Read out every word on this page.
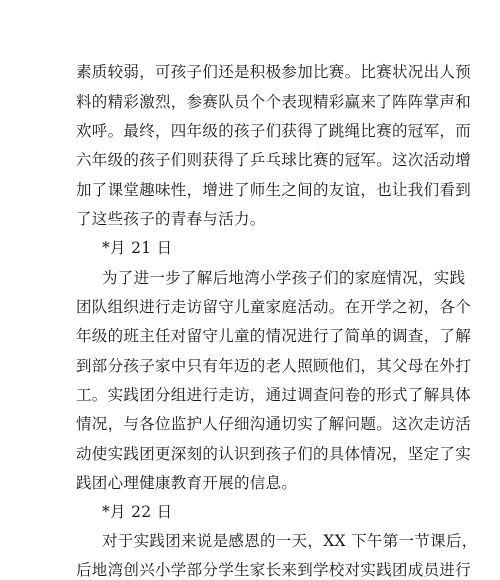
素质较弱，可孩子们还是积极参加比赛。比赛状况出人预
料的精彩激烈，参赛队员个个表现精彩赢来了阵阵掌声和
欢呼。最终，四年级的孩子们获得了跳绳比赛的冠军，而
六年级的孩子们则获得了乒乓球比赛的冠军。这次活动增
加了课堂趣味性，增进了师生之间的友谊，也让我们看到
了这些孩子的青春与活力。
*月 21 日
为了进一步了解后地湾小学孩子们的家庭情况，实践
团队组织进行走访留守儿童家庭活动。在开学之初，各个
年级的班主任对留守儿童的情况进行了简单的调查，了解
到部分孩子家中只有年迈的老人照顾他们，其父母在外打
工。实践团分组进行走访，通过调查问卷的形式了解具体
情况，与各位监护人仔细沟通切实了解问题。这次走访活
动使实践团更深刻的认识到孩子们的具体情况，坚定了实
践团心理健康教育开展的信息。
*月 22 日
对于实践团来说是感恩的一天，XX 下午第一节课后，
后地湾创兴小学部分学生家长来到学校对实践团成员进行
